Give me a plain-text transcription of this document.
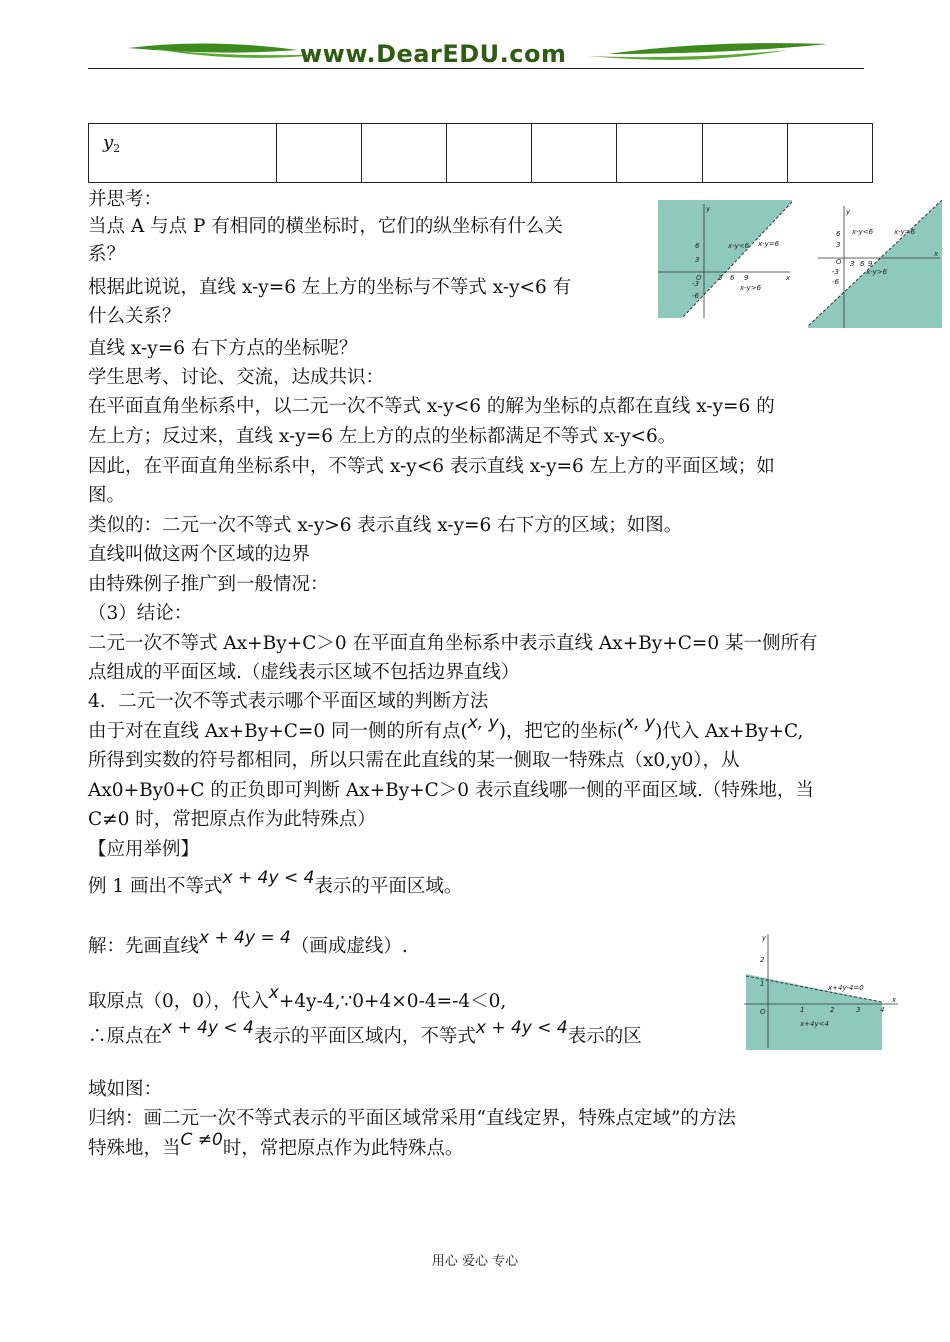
www.DearEDU.com
$y_2$							
并思考：
当点 A 与点 P 有相同的横坐标时，它们的纵坐标有什么关
系？
根据此说说，直线 x-y=6 左上方的坐标与不等式 x-y<6 有
什么关系？
直线 x-y=6 右下方点的坐标呢？
学生思考、讨论、交流，达成共识：
在平面直角坐标系中，以二元一次不等式 x-y<6 的解为坐标的点都在直线 x-y=6 的
左上方；反过来，直线 x-y=6 左上方的点的坐标都满足不等式 x-y<6。
因此，在平面直角坐标系中，不等式 x-y<6 表示直线 x-y=6 左上方的平面区域；如
图。
类似的：二元一次不等式 x-y>6 表示直线 x-y=6 右下方的区域；如图。
直线叫做这两个区域的边界
由特殊例子推广到一般情况：
（3）结论：
二元一次不等式 Ax+By+C＞0 在平面直角坐标系中表示直线 Ax+By+C=0 某一侧所有
点组成的平面区域.（虚线表示区域不包括边界直线）
4．二元一次不等式表示哪个平面区域的判断方法
由于对在直线 Ax+By+C=0 同一侧的所有点(x, y)，把它的坐标(x, y)代入 Ax+By+C,
所得到实数的符号都相同，所以只需在此直线的某一侧取一特殊点（x0,y0），从
Ax0+By0+C 的正负即可判断 Ax+By+C＞0 表示直线哪一侧的平面区域.（特殊地，当
C≠0 时，常把原点作为此特殊点）
【应用举例】
例 1 画出不等式x + 4y < 4表示的平面区域。
解：先画直线x + 4y = 4（画成虚线）.
取原点（0，0），代入x+4y-4,∵0+4×0-4=-4＜0,
∴原点在x + 4y < 4表示的平面区域内，不等式x + 4y < 4表示的区
域如图：
归纳：画二元一次不等式表示的平面区域常采用“直线定界，特殊点定域”的方法
特殊地，当C ≠0时，常把原点作为此特殊点。
y
x
O
6
3
-3
-6
3 6 9
x-y<6 x-y=6
x-y>6
y
x
O
6
3
-3
-6
3 6 9
x-y<6	x-y=6
x-y>6
y
x
O
1
2
1	2	3	4
x+4y-4=0
x+4y<4
用心 爱心 专心
